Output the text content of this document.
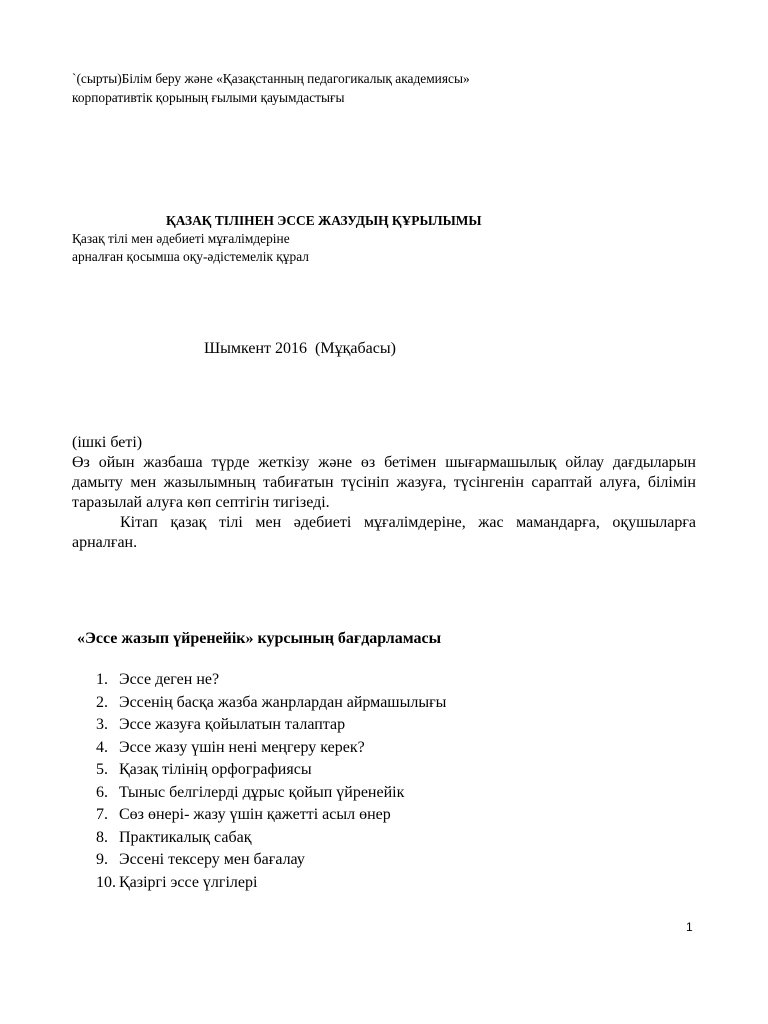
`(сырты)Білім беру және «Қазақстанның педагогикалық академиясы»
корпоративтік қорының ғылыми қауымдастығы
ҚАЗАҚ ТІЛІНЕН ЭССЕ ЖАЗУДЫҢ ҚҰРЫЛЫМЫ
Қазақ тілі мен әдебиеті мұғалімдеріне
арналған қосымша оқу-әдістемелік құрал
Шымкент 2016  (Мұқабасы)

(ішкі беті)

Өз ойын жазбаша түрде жеткізу және өз бетімен шығармашылық ойлау дағдыларын дамыту мен жазылымның табиғатын түсініп жазуға, түсінгенін сараптай алуға, білімін таразылай алуға көп септігін тигізеді.

Кітап қазақ тілі мен әдебиеті мұғалімдеріне, жас мамандарға, оқушыларға арналған.

«Эссе жазып үйренейік» курсының бағдарламасы
1. Эссе деген не?
2. Эссенің басқа жазба жанрлардан айрмашылығы
3. Эссе жазуға қойылатын талаптар
4. Эссе жазу үшін нені меңгеру керек?
5. Қазақ тілінің орфографиясы
6. Тыныс белгілерді дұрыс қойып үйренейік
7. Сөз өнері- жазу үшін қажетті асыл өнер
8. Практикалық сабақ
9. Эссені тексеру мен бағалау
10. Қазіргі эссе үлгілері
1
